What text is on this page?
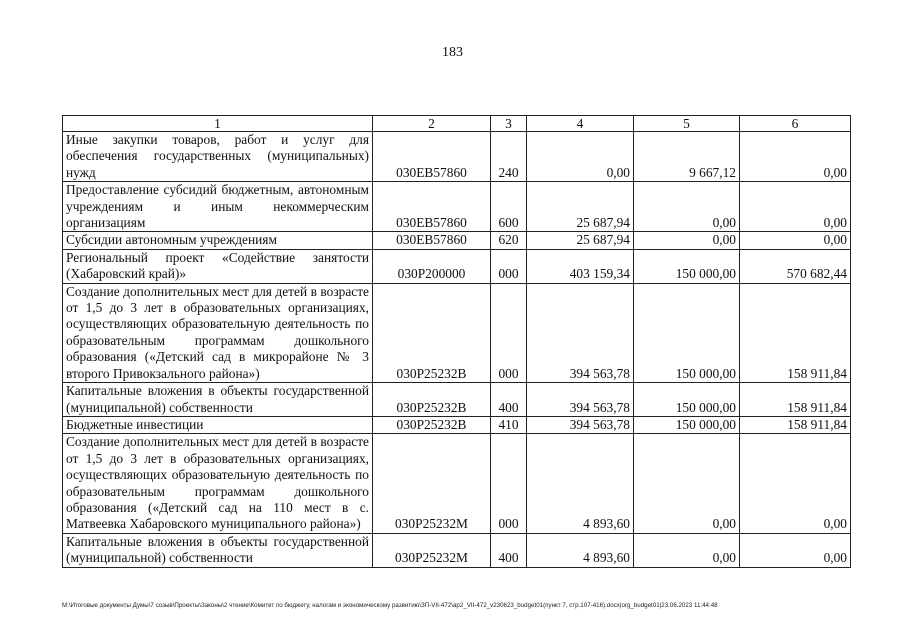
183
1	2	3	4	5	6
Иные закупки товаров, работ и услуг для обеспечения государственных (муниципальных) нужд	030EB57860	240	0,00	9 667,12	0,00
Предоставление субсидий бюджетным, автономным учреждениям и иным некоммерческим организациям	030EB57860	600	25 687,94	0,00	0,00
Субсидии автономным учреждениям	030EB57860	620	25 687,94	0,00	0,00
Региональный проект «Содействие занятости (Хабаровский край)»	030P200000	000	403 159,34	150 000,00	570 682,44
Создание дополнительных мест для детей в возрасте от 1,5 до 3 лет в образовательных организациях, осуществляющих образовательную деятельность по образовательным программам дошкольного образования («Детский сад в микрорайоне № 3 второго Привокзального района»)	030P25232B	000	394 563,78	150 000,00	158 911,84
Капитальные вложения в объекты государственной (муниципальной) собственности	030P25232B	400	394 563,78	150 000,00	158 911,84
Бюджетные инвестиции	030P25232B	410	394 563,78	150 000,00	158 911,84
Создание дополнительных мест для детей в возрасте от 1,5 до 3 лет в образовательных организациях, осуществляющих образовательную деятельность по образовательным программам дошкольного образования («Детский сад на 110 мест в с. Матвеевка Хабаровского муниципального района»)	030P25232M	000	4 893,60	0,00	0,00
Капитальные вложения в объекты государственной (муниципальной) собственности	030P25232M	400	4 893,60	0,00	0,00
M:\Итоговые документы Думы\7 созыв\Проекты\Законы\2 чтение\Комитет по бюджету, налогам и экономическому развитию\ЗП-VII-472\ap2_VII-472_v230623_budget01(пункт 7, стр.107-416).docx|org_budget01|23.06.2023 11:44:48
